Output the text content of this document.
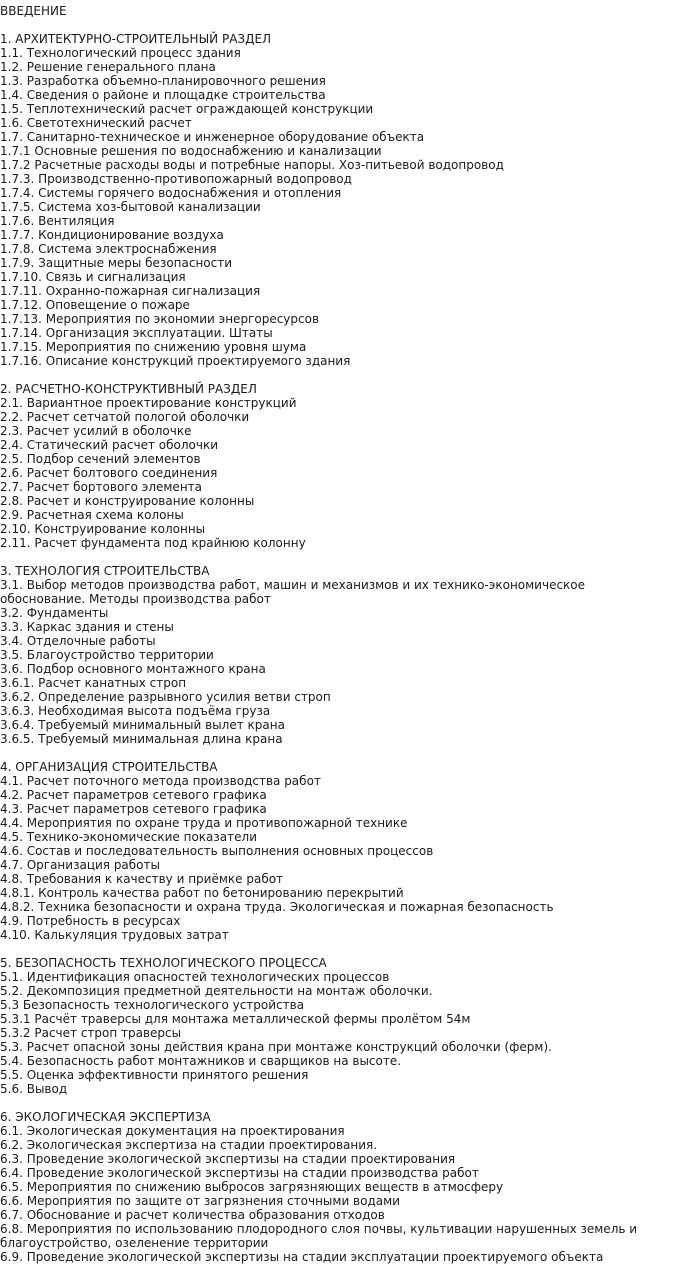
ВВЕДЕНИЕ
1. АРХИТЕКТУРНО-СТРОИТЕЛЬНЫЙ РАЗДЕЛ
1.1. Технологический процесс здания
1.2. Решение генерального плана
1.3. Разработка объемно-планировочного решения
1.4. Сведения о районе и площадке строительства
1.5. Теплотехнический расчет ограждающей конструкции
1.6. Светотехнический расчет
1.7. Санитарно-техническое и инженерное оборудование объекта
1.7.1 Основные решения по водоснабжению и канализации
1.7.2 Расчетные расходы воды и потребные напоры. Хоз-питьевой водопровод
1.7.3. Производственно-противопожарный водопровод
1.7.4. Системы горячего водоснабжения и отопления
1.7.5. Система хоз-бытовой канализации
1.7.6. Вентиляция
1.7.7. Кондиционирование воздуха
1.7.8. Система электроснабжения
1.7.9. Защитные меры безопасности
1.7.10. Связь и сигнализация
1.7.11. Охранно-пожарная сигнализация
1.7.12. Оповещение о пожаре
1.7.13. Мероприятия по экономии энергоресурсов
1.7.14. Организация эксплуатации. Штаты
1.7.15. Мероприятия по снижению уровня шума
1.7.16. Описание конструкций проектируемого здания
2. РАСЧЕТНО-КОНСТРУКТИВНЫЙ РАЗДЕЛ
2.1. Вариантное проектирование конструкций
2.2. Расчет сетчатой пологой оболочки
2.3. Расчет усилий в оболочке
2.4. Статический расчет оболочки
2.5. Подбор сечений элементов
2.6. Расчет болтового соединения
2.7. Расчет бортового элемента
2.8. Расчет и конструирование колонны
2.9. Расчетная схема колоны
2.10. Конструирование колонны
2.11. Расчет фундамента под крайнюю колонну
3. ТЕХНОЛОГИЯ СТРОИТЕЛЬСТВА
3.1. Выбор методов производства работ, машин и механизмов и их технико-экономическое обоснование. Методы производства работ
3.2. Фундаменты
3.3. Каркас здания и стены
3.4. Отделочные работы
3.5. Благоустройство территории
3.6. Подбор основного монтажного крана
3.6.1. Расчет канатных строп
3.6.2. Определение разрывного усилия ветви строп
3.6.3. Необходимая высота подъёма груза
3.6.4. Требуемый минимальный вылет крана
3.6.5. Требуемый минимальная длина крана
4. ОРГАНИЗАЦИЯ СТРОИТЕЛЬСТВА
4.1. Расчет поточного метода производства работ
4.2. Расчет параметров сетевого графика
4.3. Расчет параметров сетевого графика
4.4. Мероприятия по охране труда и противопожарной технике
4.5. Технико-экономические показатели
4.6. Состав и последовательность выполнения основных процессов
4.7. Организация работы
4.8. Требования к качеству и приёмке работ
4.8.1. Контроль качества работ по бетонированию перекрытий
4.8.2. Техника безопасности и охрана труда. Экологическая и пожарная безопасность
4.9. Потребность в ресурсах
4.10. Калькуляция трудовых затрат
5. БЕЗОПАСНОСТЬ ТЕХНОЛОГИЧЕСКОГО ПРОЦЕССА
5.1. Идентификация опасностей технологических процессов
5.2. Декомпозиция предметной деятельности на монтаж оболочки.
5.3 Безопасность технологического устройства
5.3.1 Расчёт траверсы для монтажа металлической фермы пролётом 54м
5.3.2 Расчет строп траверсы
5.3. Расчет опасной зоны действия крана при монтаже конструкций оболочки (ферм).
5.4. Безопасность работ монтажников и сварщиков на высоте.
5.5. Оценка эффективности принятого решения
5.6. Вывод
6. ЭКОЛОГИЧЕСКАЯ ЭКСПЕРТИЗА
6.1. Экологическая документация на проектирования
6.2. Экологическая экспертиза на стадии проектирования.
6.3. Проведение экологической экспертизы на стадии проектирования
6.4. Проведение экологической экспертизы на стадии производства работ
6.5. Мероприятия по снижению выбросов загрязняющих веществ в атмосферу
6.6. Мероприятия по защите от загрязнения сточными водами
6.7. Обоснование и расчет количества образования отходов
6.8. Мероприятия по использованию плодородного слоя почвы, культивации нарушенных земель и благоустройство, озеленение территории
6.9. Проведение экологической экспертизы на стадии эксплуатации проектируемого объекта
